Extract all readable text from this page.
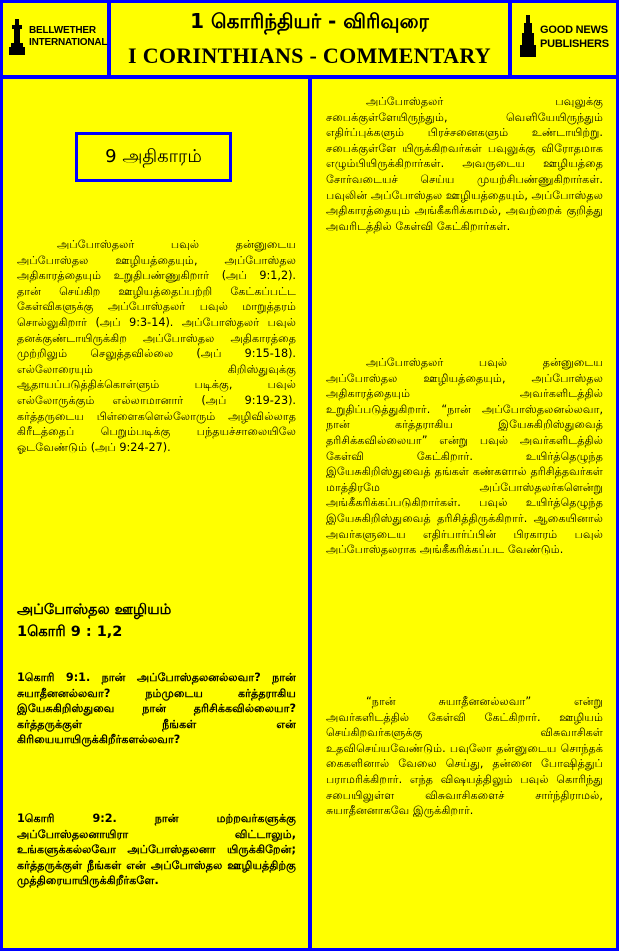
BELLWETHER
INTERNATIONAL
1 கொரிந்தியர் - விரிவுரை
I CORINTHIANS - COMMENTARY
GOOD NEWS
PUBLISHERS
9 அதிகாரம்

அப்போஸ்தலர் பவுல் தன்னுடைய அப்போஸ்தல ஊழியத்தையும், அப்போஸ்தல அதிகாரத்தையும் உறுதிபண்ணுகிறார் (அப் 9:1,2). தான் செய்கிற ஊழியத்தைப்பற்றி கேட்கப்பட்ட கேள்விகளுக்கு அப்போஸ்தலர் பவுல் மாறுத்தரம் சொல்லுகிறார் (அப் 9:3-14). அப்போஸ்தலர் பவுல் தனக்குண்டாயிருக்கிற அப்போஸ்தல அதிகாரத்தை முற்றிலும் செலுத்தவில்லை (அப் 9:15-18). எல்லோரையும் கிறிஸ்துவுக்கு ஆதாயப்படுத்திக்கொள்ளும் படிக்கு, பவுல் எல்லோருக்கும் எல்லாமானார் (அப் 9:19-23). கர்த்தருடைய பிள்ளைகளெல்லோரும் அழிவில்லாத கிரீடத்தைப் பெறும்படிக்கு பந்தயச்சாலையிலே ஓடவேண்டும் (அப் 9:24-27).

அப்போஸ்தல ஊழியம்
1கொரி 9 : 1,2

1கொரி 9:1. நான் அப்போஸ்தலனல்லவா? நான் சுயாதீனனல்லவா? நம்முடைய கர்த்தராகிய இயேசுகிறிஸ்துவை நான் தரிசிக்கவில்லையா? கர்த்தருக்குள் நீங்கள் என் கிரியையாயிருக்கிறீர்களல்லவா?

1கொரி 9:2. நான் மற்றவர்களுக்கு அப்போஸ்தலனாயிரா விட்டாலும், உங்களுக்கல்லவோ அப்போஸ்தலனா யிருக்கிறேன்; கர்த்தருக்குள் நீங்கள் என் அப்போஸ்தல ஊழியத்திற்கு முத்திரையாயிருக்கிறீர்களே.

அப்போஸ்தலர் பவுலுக்கு சபைக்குள்ளேயிருந்தும், வெளியேயிருந்தும் எதிர்ப்புக்களும் பிரச்சனைகளும் உண்டாயிற்று. சபைக்குள்ளே யிருக்கிறவர்கள் பவுலுக்கு விரோதமாக எழும்பியிருக்கிறார்கள். அவருடைய ஊழியத்தை சோர்வடையச் செய்ய முயற்சிபண்ணுகிறார்கள். பவுலின் அப்போஸ்தல ஊழியத்தையும், அப்போஸ்தல அதிகாரத்தையும் அங்கீகரிக்காமல், அவற்றைக் குறித்து அவரிடத்தில் கேள்வி கேட்கிறார்கள்.

அப்போஸ்தலர் பவுல் தன்னுடைய அப்போஸ்தல ஊழியத்தையும், அப்போஸ்தல அதிகாரத்தையும் அவர்களிடத்தில் உறுதிப்படுத்துகிறார். “நான் அப்போஸ்தலனல்லவா, நான் கர்த்தராகிய இயேசுகிறிஸ்துவைத் தரிசிக்கவில்லையா” என்று பவுல் அவர்களிடத்தில் கேள்வி கேட்கிறார். உயிர்த்தெழுந்த இயேசுகிறிஸ்துவைத் தங்கள் கண்களால் தரிசித்தவர்கள் மாத்திரமே அப்போஸ்தலர்களென்று அங்கீகரிக்கப்படுகிறார்கள். பவுல் உயிர்த்தெழுந்த இயேசுகிறிஸ்துவைத் தரிசித்திருக்கிறார். ஆகையினால் அவர்களுடைய எதிர்பார்ப்பின் பிரகாரம் பவுல் அப்போஸ்தலராக அங்கீகரிக்கப்பட வேண்டும்.

“நான் சுயாதீனனல்லவா” என்று அவர்களிடத்தில் கேள்வி கேட்கிறார். ஊழியம் செய்கிறவர்களுக்கு விசுவாசிகள் உதவிசெய்யவேண்டும். பவுலோ தன்னுடைய சொந்தக் கைகளினால் வேலை செய்து, தன்னை போஷித்துப் பராமரிக்கிறார். எந்த விஷயத்திலும் பவுல் கொரிந்து சபையிலுள்ள விசுவாசிகளைச் சார்ந்திராமல், சுயாதீனனாகவே இருக்கிறார்.
